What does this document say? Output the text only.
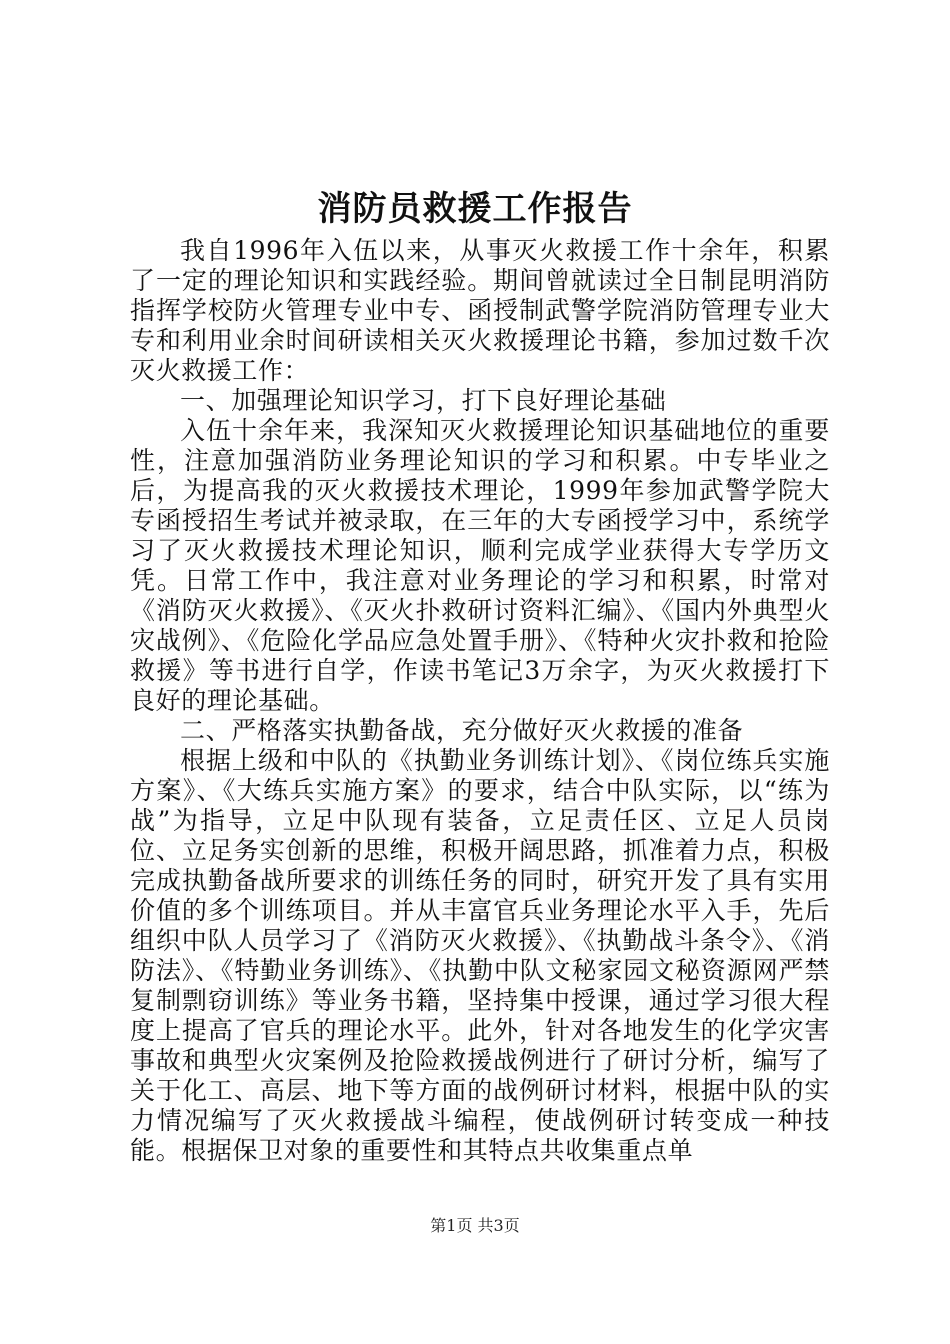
消防员救援工作报告

我自1996年入伍以来，从事灭火救援工作十余年，积累了一定的理论知识和实践经验。期间曾就读过全日制昆明消防指挥学校防火管理专业中专、函授制武警学院消防管理专业大专和利用业余时间研读相关灭火救援理论书籍，参加过数千次灭火救援工作：

一、加强理论知识学习，打下良好理论基础

入伍十余年来，我深知灭火救援理论知识基础地位的重要性，注意加强消防业务理论知识的学习和积累。中专毕业之后，为提高我的灭火救援技术理论，1999年参加武警学院大专函授招生考试并被录取，在三年的大专函授学习中，系统学习了灭火救援技术理论知识，顺利完成学业获得大专学历文凭。日常工作中，我注意对业务理论的学习和积累，时常对《消防灭火救援》、《灭火扑救研讨资料汇编》、《国内外典型火灾战例》、《危险化学品应急处置手册》、《特种火灾扑救和抢险救援》等书进行自学，作读书笔记3万余字，为灭火救援打下良好的理论基础。

二、严格落实执勤备战，充分做好灭火救援的准备

根据上级和中队的《执勤业务训练计划》、《岗位练兵实施方案》、《大练兵实施方案》的要求，结合中队实际，以“练为战”为指导，立足中队现有装备，立足责任区、立足人员岗位、立足务实创新的思维，积极开阔思路，抓准着力点，积极完成执勤备战所要求的训练任务的同时，研究开发了具有实用价值的多个训练项目。并从丰富官兵业务理论水平入手，先后组织中队人员学习了《消防灭火救援》、《执勤战斗条令》、《消防法》、《特勤业务训练》、《执勤中队文秘家园文秘资源网严禁复制剽窃训练》等业务书籍，坚持集中授课，通过学习很大程度上提高了官兵的理论水平。此外，针对各地发生的化学灾害事故和典型火灾案例及抢险救援战例进行了研讨分析，编写了关于化工、高层、地下等方面的战例研讨材料，根据中队的实力情况编写了灭火救援战斗编程，使战例研讨转变成一种技能。根据保卫对象的重要性和其特点共收集重点单

第1页 共3页
